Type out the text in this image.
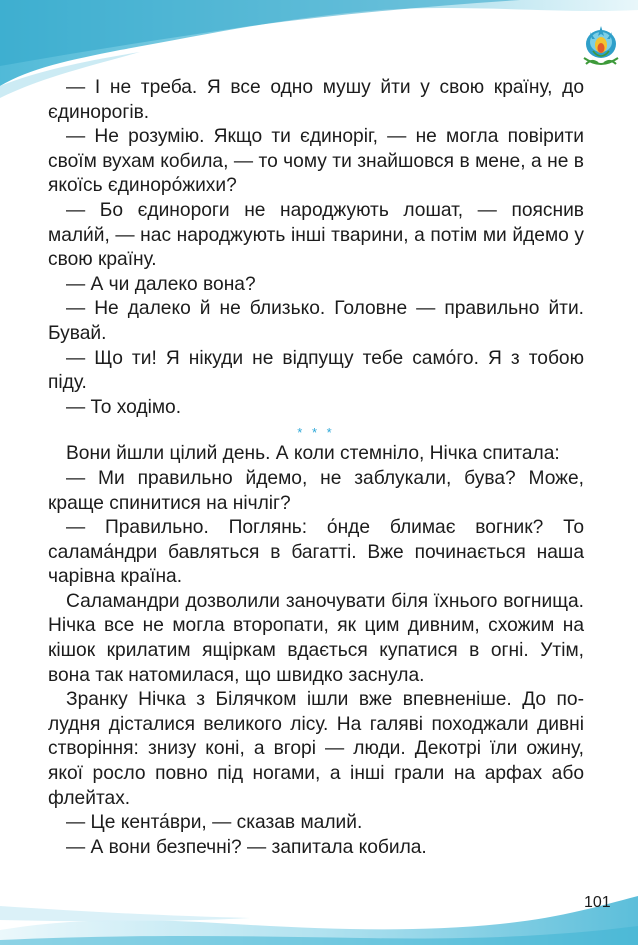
— І не треба. Я все одно мушу йти у свою країну, до єдинорогів.

— Не розумію. Якщо ти єдиноріг, — не могла повірити своїм вухам кобила, — то чому ти знайшовся в мене, а не в якоїсь єдиноро́жихи?

— Бо єдинороги не народжують лошат, — пояснив мали́й, — нас народжують інші тварини, а потім ми йдемо у свою країну.

— А чи далеко вона?

— Не далеко й не близько. Головне — правильно йти. Бувай.

— Що ти! Я нікуди не відпущу тебе само́го. Я з тобою піду.

— То ходімо.

* * *

Вони йшли цілий день. А коли стемніло, Нічка спитала:

— Ми правильно йдемо, не заблукали, бува? Може, краще спинитися на нічліг?

— Правильно. Поглянь: о́нде блимає вогник? То салама́ндри бавляться в багатті. Вже починається наша чарівна країна.

Саламандри дозволили заночувати біля їхнього вогнища. Нічка все не могла второпати, як цим дивним, схожим на кішок крилатим ящіркам вдається купатися в огні. Утім, вона так натомилася, що швидко заснула.

Зранку Нічка з Білячком ішли вже впевненіше. До полудня дісталися великого лісу. На галяві походжали дивні створіння: знизу коні, а вгорі — люди. Декотрі їли ожину, якої росло повно під ногами, а інші грали на арфах або флейтах.

— Це кента́ври, — сказав малий.

— А вони безпечні? — запитала кобила.

101
